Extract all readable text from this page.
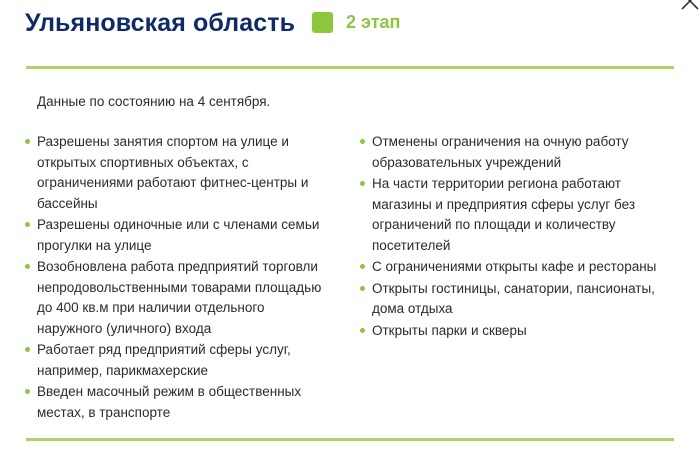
Ульяновская область	2 этап
Данные по состоянию на 4 сентября.
Разрешены занятия спортом на улице и
открытых спортивных объектах, с
ограничениями работают фитнес-центры и
бассейны
Разрешены одиночные или с членами семьи
прогулки на улице
Возобновлена работа предприятий торговли
непродовольственными товарами площадью
до 400 кв.м при наличии отдельного
наружного (уличного) входа
Работает ряд предприятий сферы услуг,
например, парикмахерские
Введен масочный режим в общественных
местах, в транспорте
Отменены ограничения на очную работу
образовательных учреждений
На части территории региона работают
магазины и предприятия сферы услуг без
ограничений по площади и количеству
посетителей
С ограничениями открыты кафе и рестораны
Открыты гостиницы, санатории, пансионаты,
дома отдыха
Открыты парки и скверы
